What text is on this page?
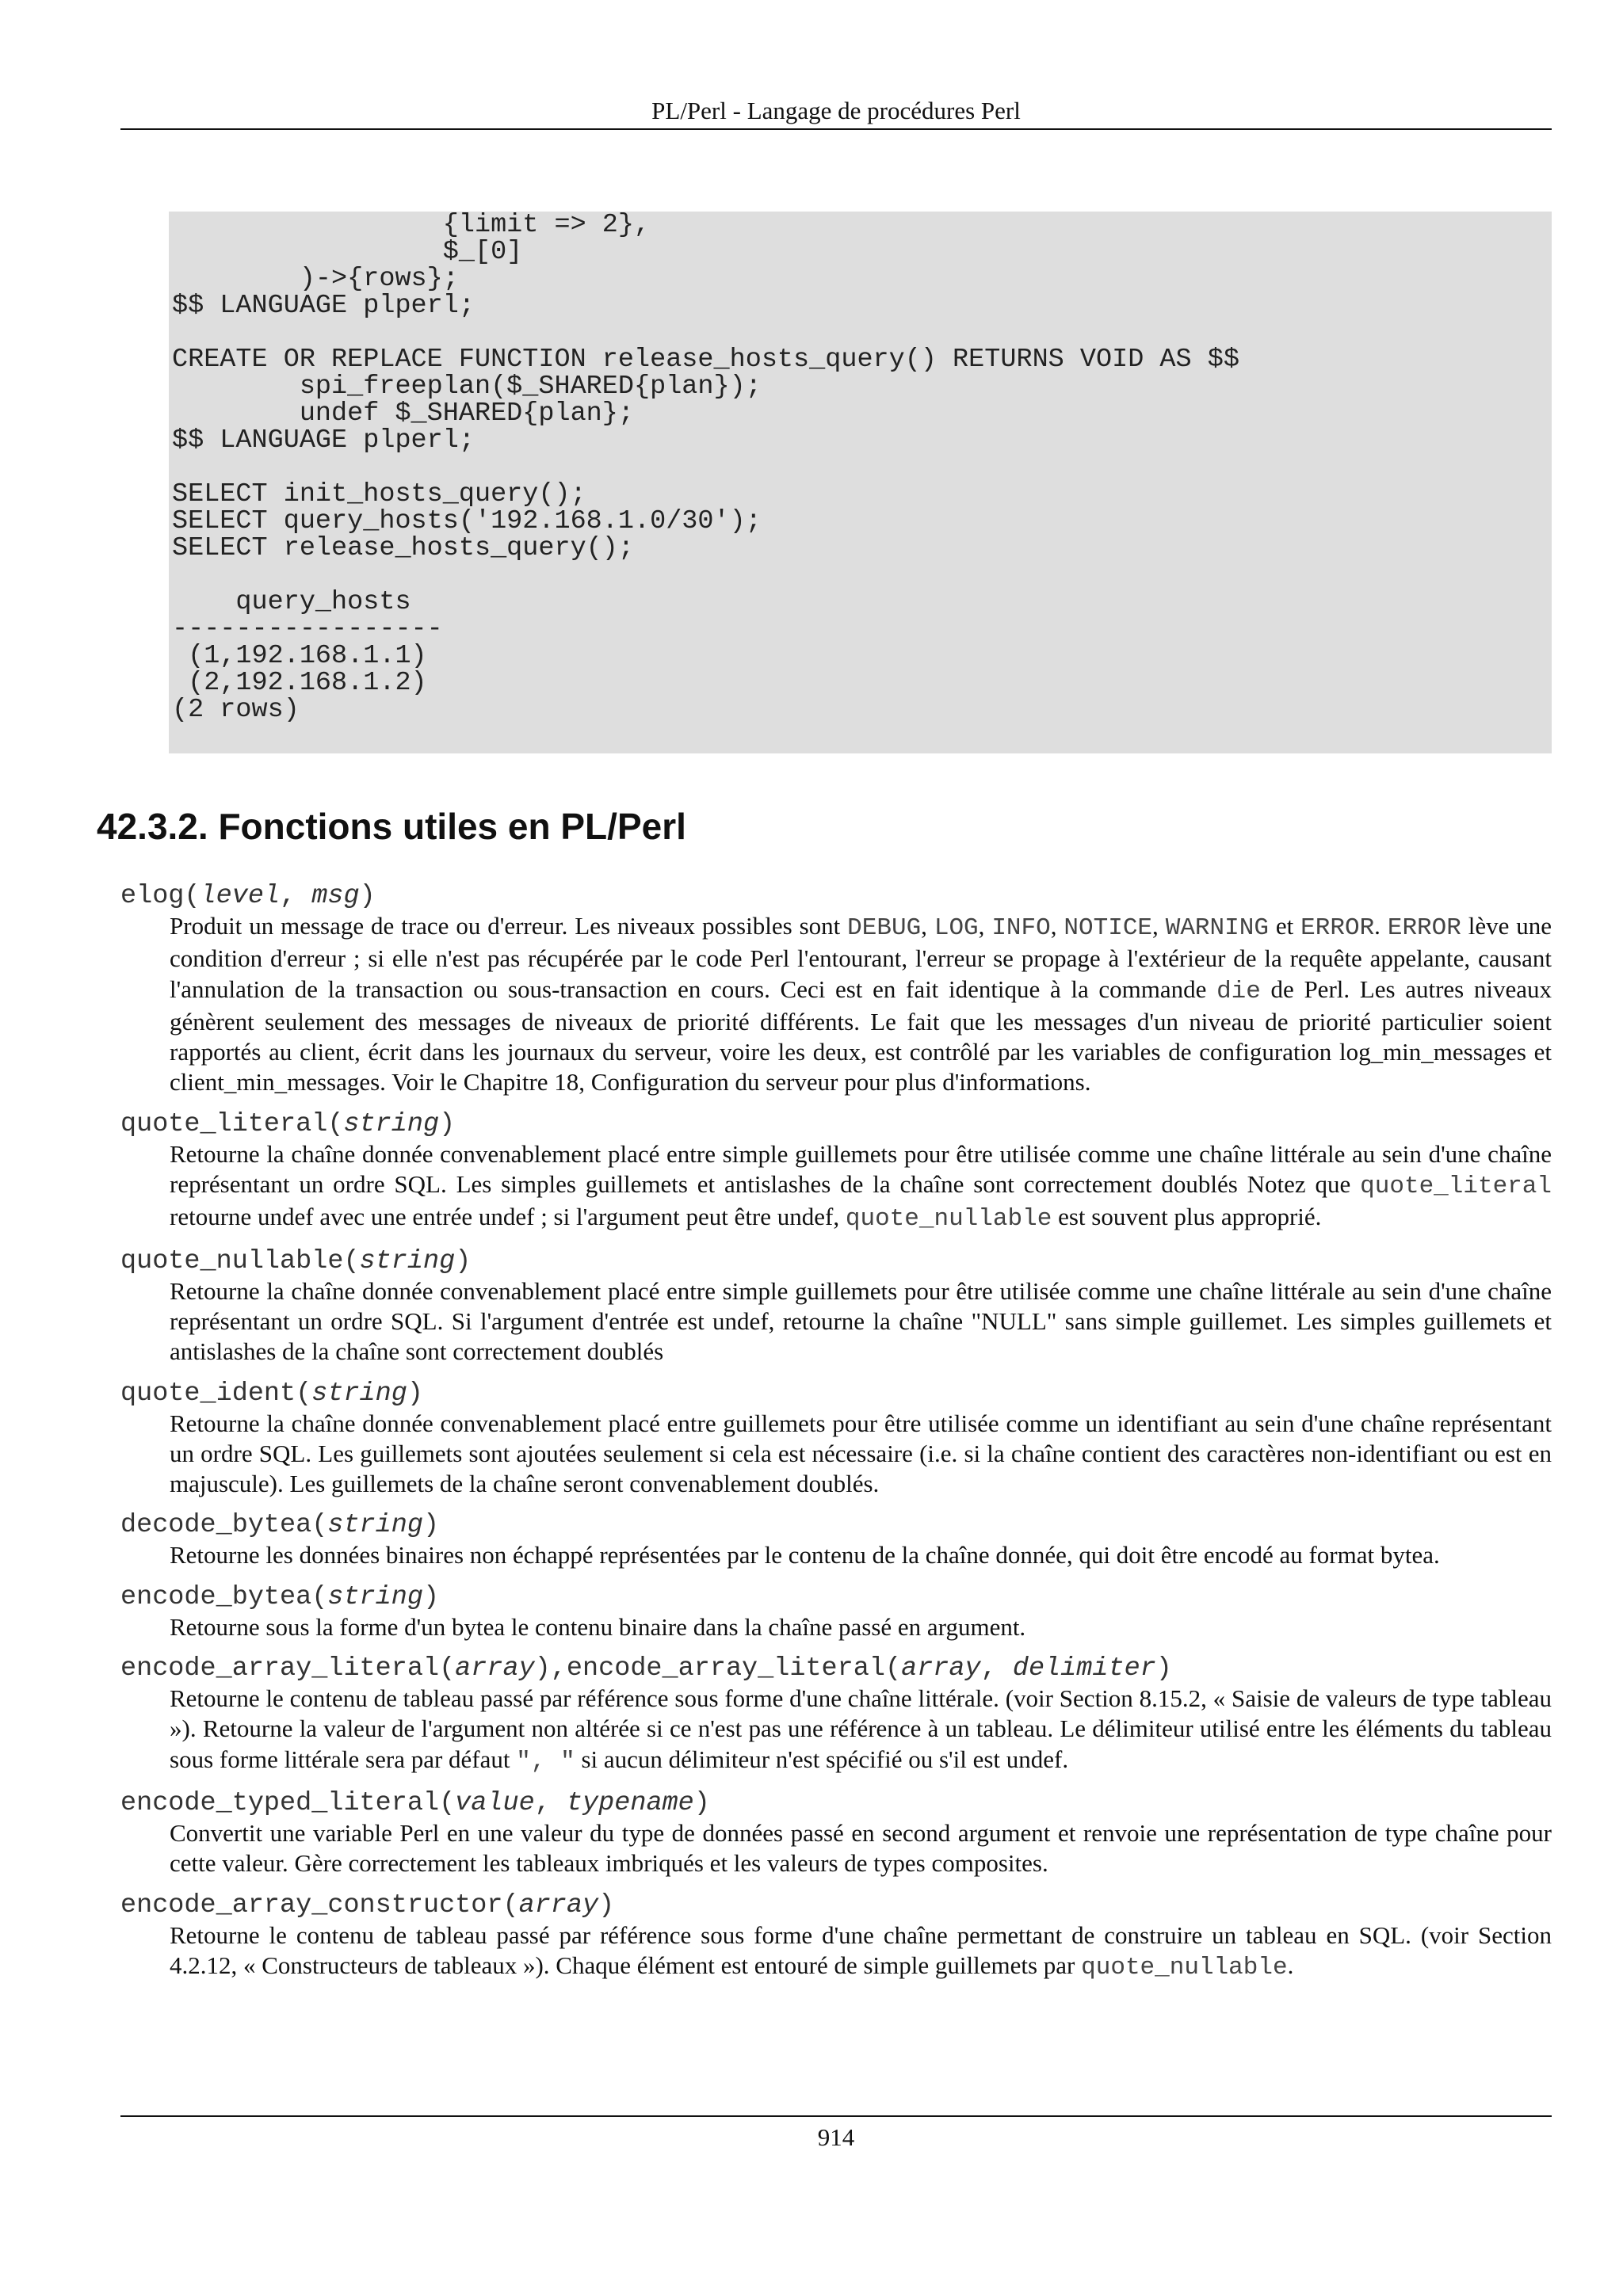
PL/Perl - Langage de procédures Perl
{limit => 2},
$_[0]
)->{rows};
$$ LANGUAGE plperl;

CREATE OR REPLACE FUNCTION release_hosts_query() RETURNS VOID AS $$
spi_freeplan($_SHARED{plan});
undef $_SHARED{plan};
$$ LANGUAGE plperl;

SELECT init_hosts_query();
SELECT query_hosts('192.168.1.0/30');
SELECT release_hosts_query();

query_hosts
-----------------
(1,192.168.1.1)
(2,192.168.1.2)
(2 rows)
42.3.2. Fonctions utiles en PL/Perl
elog(level, msg)
Produit un message de trace ou d'erreur. Les niveaux possibles sont DEBUG, LOG, INFO, NOTICE, WARNING et ERROR. ERROR lève une condition d'erreur ; si elle n'est pas récupérée par le code Perl l'entourant, l'erreur se propage à l'extérieur de la requête appelante, causant l'annulation de la transaction ou sous-transaction en cours. Ceci est en fait identique à la commande die de Perl. Les autres niveaux génèrent seulement des messages de niveaux de priorité différents. Le fait que les messages d'un niveau de priorité particulier soient rapportés au client, écrit dans les journaux du serveur, voire les deux, est contrôlé par les variables de configuration log_min_messages et client_min_messages. Voir le Chapitre 18, Configuration du serveur pour plus d'informations.
quote_literal(string)
Retourne la chaîne donnée convenablement placé entre simple guillemets pour être utilisée comme une chaîne littérale au sein d'une chaîne représentant un ordre SQL. Les simples guillemets et antislashes de la chaîne sont correctement doublés Notez que quote_literal retourne undef avec une entrée undef ; si l'argument peut être undef, quote_nullable est souvent plus approprié.
quote_nullable(string)
Retourne la chaîne donnée convenablement placé entre simple guillemets pour être utilisée comme une chaîne littérale au sein d'une chaîne représentant un ordre SQL. Si l'argument d'entrée est undef, retourne la chaîne "NULL" sans simple guillemet. Les simples guillemets et antislashes de la chaîne sont correctement doublés
quote_ident(string)
Retourne la chaîne donnée convenablement placé entre guillemets pour être utilisée comme un identifiant au sein d'une chaîne représentant un ordre SQL. Les guillemets sont ajoutées seulement si cela est nécessaire (i.e. si la chaîne contient des caractères non-identifiant ou est en majuscule). Les guillemets de la chaîne seront convenablement doublés.
decode_bytea(string)
Retourne les données binaires non échappé représentées par le contenu de la chaîne donnée, qui doit être encodé au format bytea.
encode_bytea(string)
Retourne sous la forme d'un bytea le contenu binaire dans la chaîne passé en argument.
encode_array_literal(array),encode_array_literal(array, delimiter)
Retourne le contenu de tableau passé par référence sous forme d'une chaîne littérale. (voir Section 8.15.2, « Saisie de valeurs de type tableau »). Retourne la valeur de l'argument non altérée si ce n'est pas une référence à un tableau. Le délimiteur utilisé entre les éléments du tableau sous forme littérale sera par défaut ", " si aucun délimiteur n'est spécifié ou s'il est undef.
encode_typed_literal(value, typename)
Convertit une variable Perl en une valeur du type de données passé en second argument et renvoie une représentation de type chaîne pour cette valeur. Gère correctement les tableaux imbriqués et les valeurs de types composites.
encode_array_constructor(array)
Retourne le contenu de tableau passé par référence sous forme d'une chaîne permettant de construire un tableau en SQL. (voir Section 4.2.12, « Constructeurs de tableaux »). Chaque élément est entouré de simple guillemets par quote_nullable.
914
